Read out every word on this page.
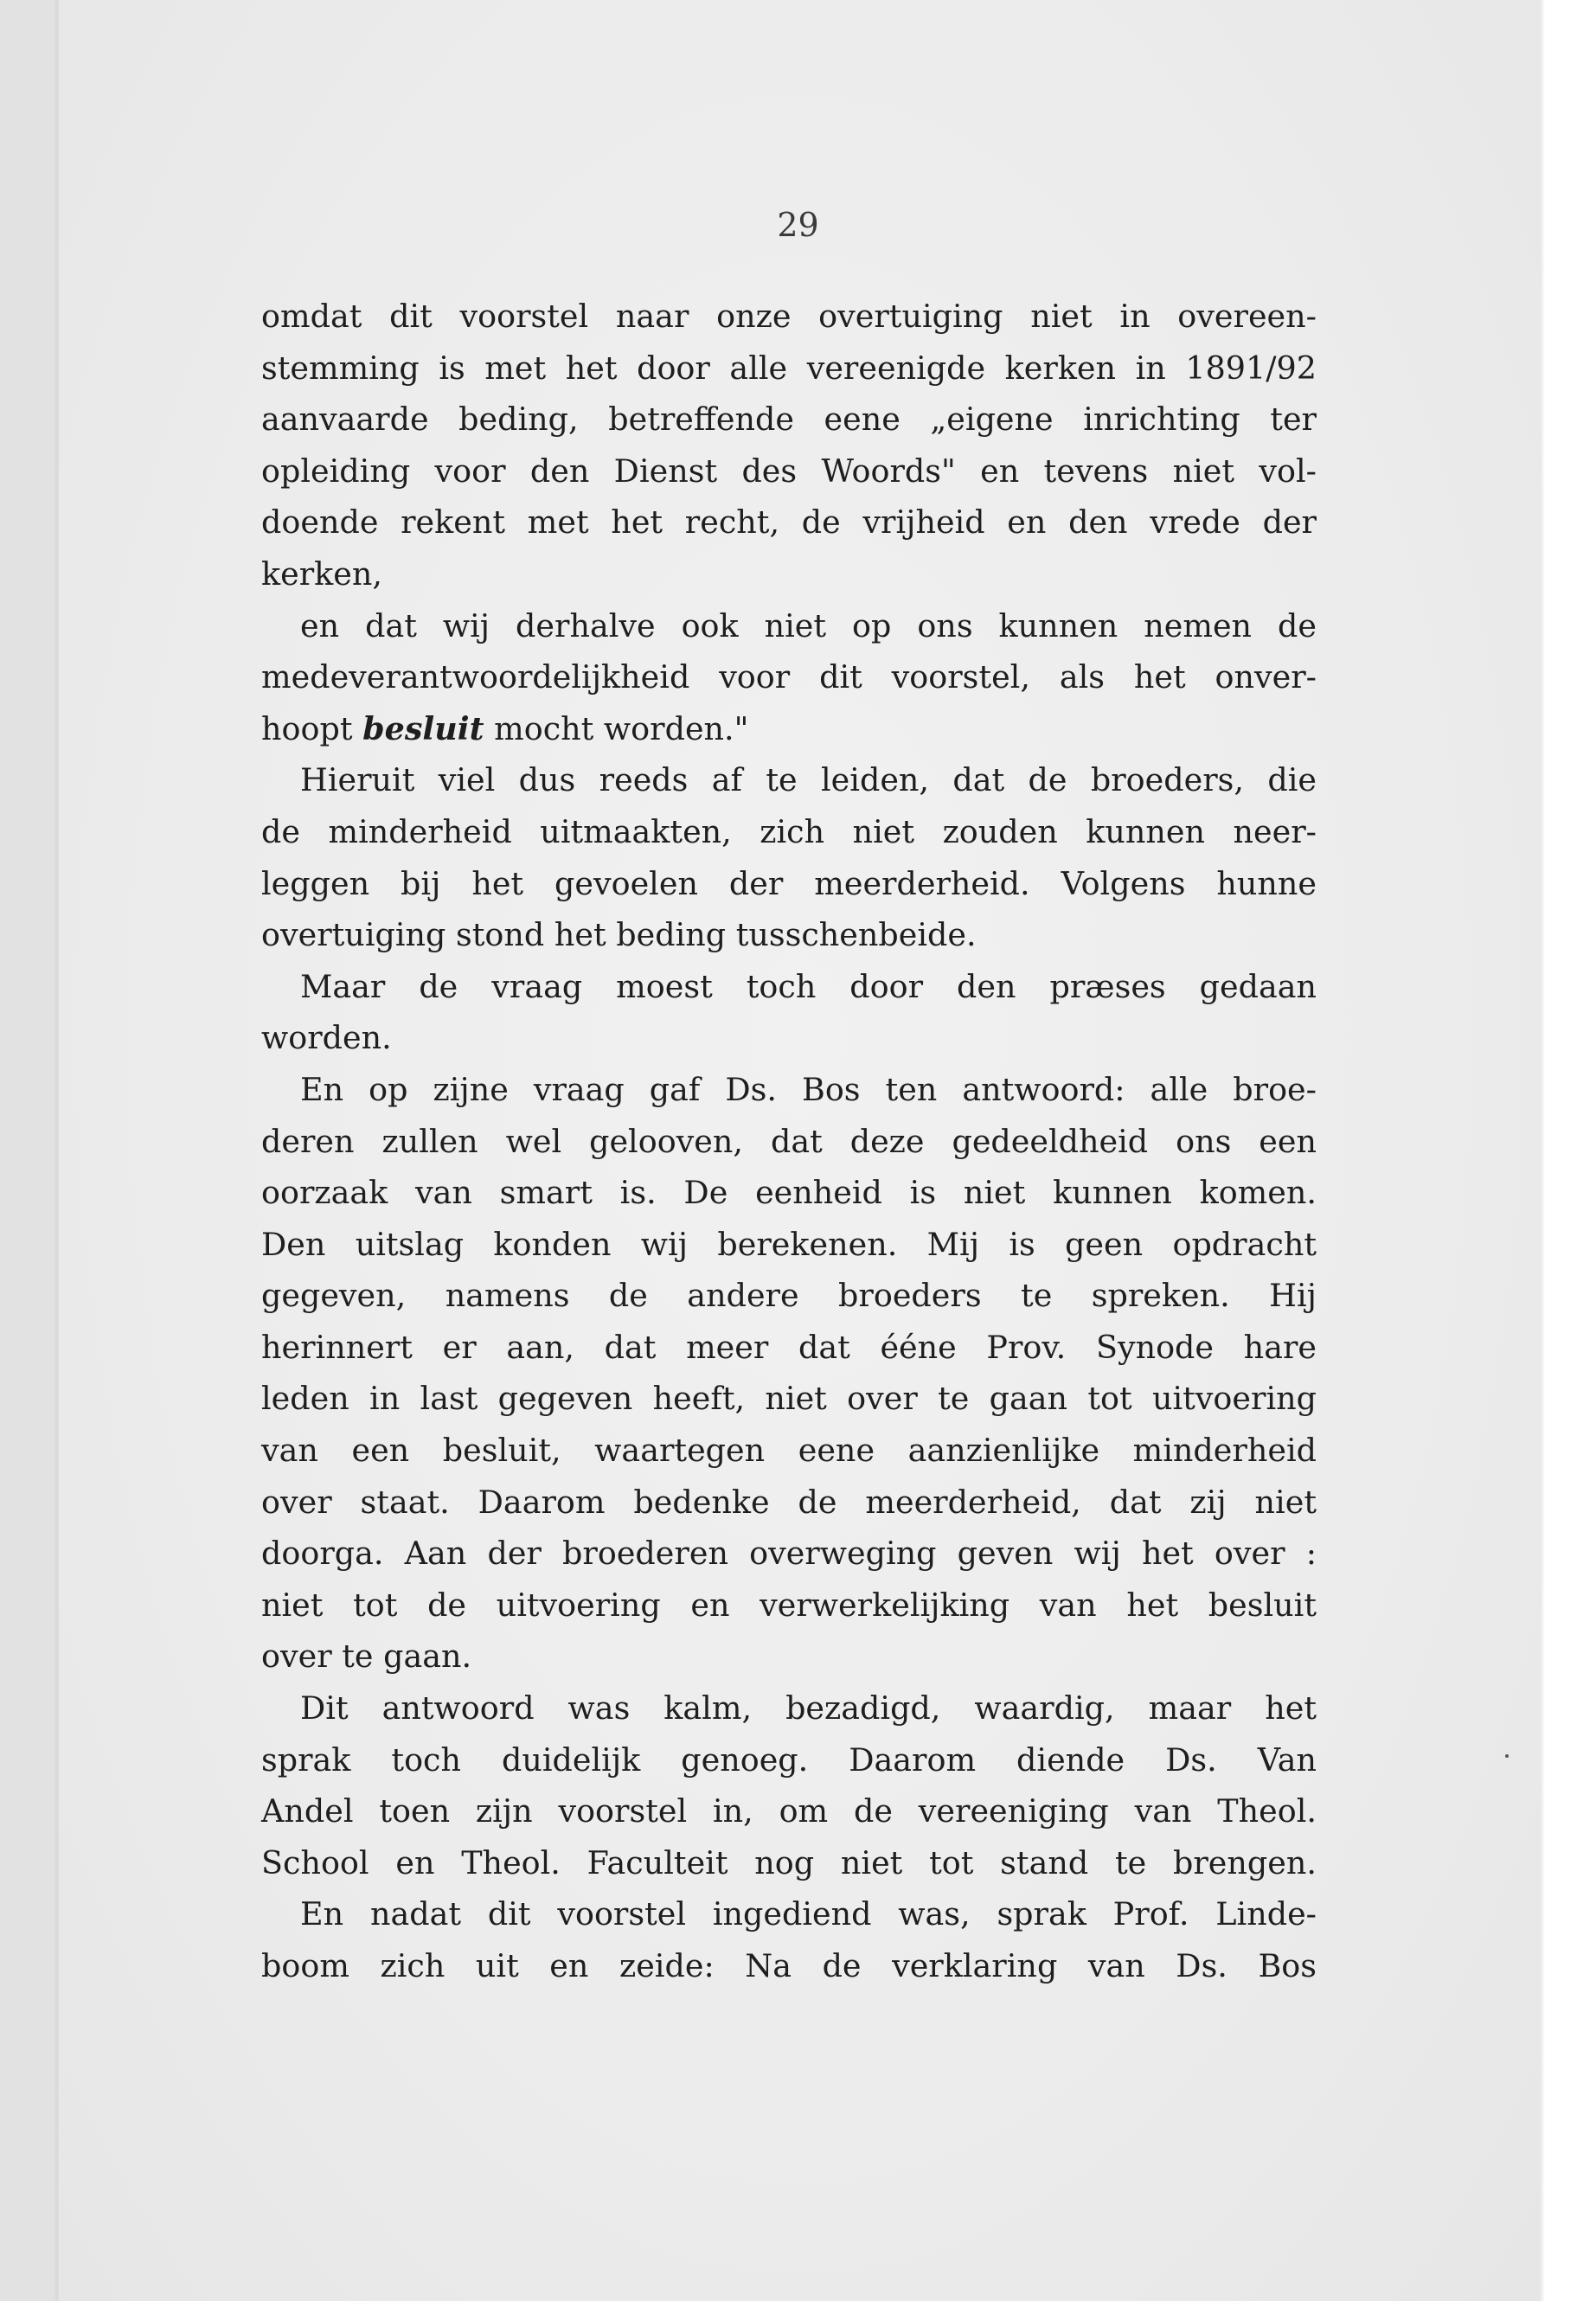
29
omdat dit voorstel naar onze overtuiging niet in overeen-
stemming is met het door alle vereenigde kerken in 1891/92
aanvaarde beding, betreffende eene „eigene inrichting ter
opleiding voor den Dienst des Woords" en tevens niet vol-
doende rekent met het recht, de vrijheid en den vrede der
kerken,
en dat wij derhalve ook niet op ons kunnen nemen de
medeverantwoordelijkheid voor dit voorstel, als het onver-
hoopt besluit mocht worden."
Hieruit viel dus reeds af te leiden, dat de broeders, die
de minderheid uitmaakten, zich niet zouden kunnen neer-
leggen bij het gevoelen der meerderheid. Volgens hunne
overtuiging stond het beding tusschenbeide.
Maar de vraag moest toch door den præses gedaan
worden.
En op zijne vraag gaf Ds. Bos ten antwoord: alle broe-
deren zullen wel gelooven, dat deze gedeeldheid ons een
oorzaak van smart is. De eenheid is niet kunnen komen.
Den uitslag konden wij berekenen. Mij is geen opdracht
gegeven, namens de andere broeders te spreken. Hij
herinnert er aan, dat meer dat ééne Prov. Synode hare
leden in last gegeven heeft, niet over te gaan tot uitvoering
van een besluit, waartegen eene aanzienlijke minderheid
over staat. Daarom bedenke de meerderheid, dat zij niet
doorga. Aan der broederen overweging geven wij het over :
niet tot de uitvoering en verwerkelijking van het besluit
over te gaan.
Dit antwoord was kalm, bezadigd, waardig, maar het
sprak toch duidelijk genoeg. Daarom diende Ds. Van
Andel toen zijn voorstel in, om de vereeniging van Theol.
School en Theol. Faculteit nog niet tot stand te brengen.
En nadat dit voorstel ingediend was, sprak Prof. Linde-
boom zich uit en zeide: Na de verklaring van Ds. Bos
